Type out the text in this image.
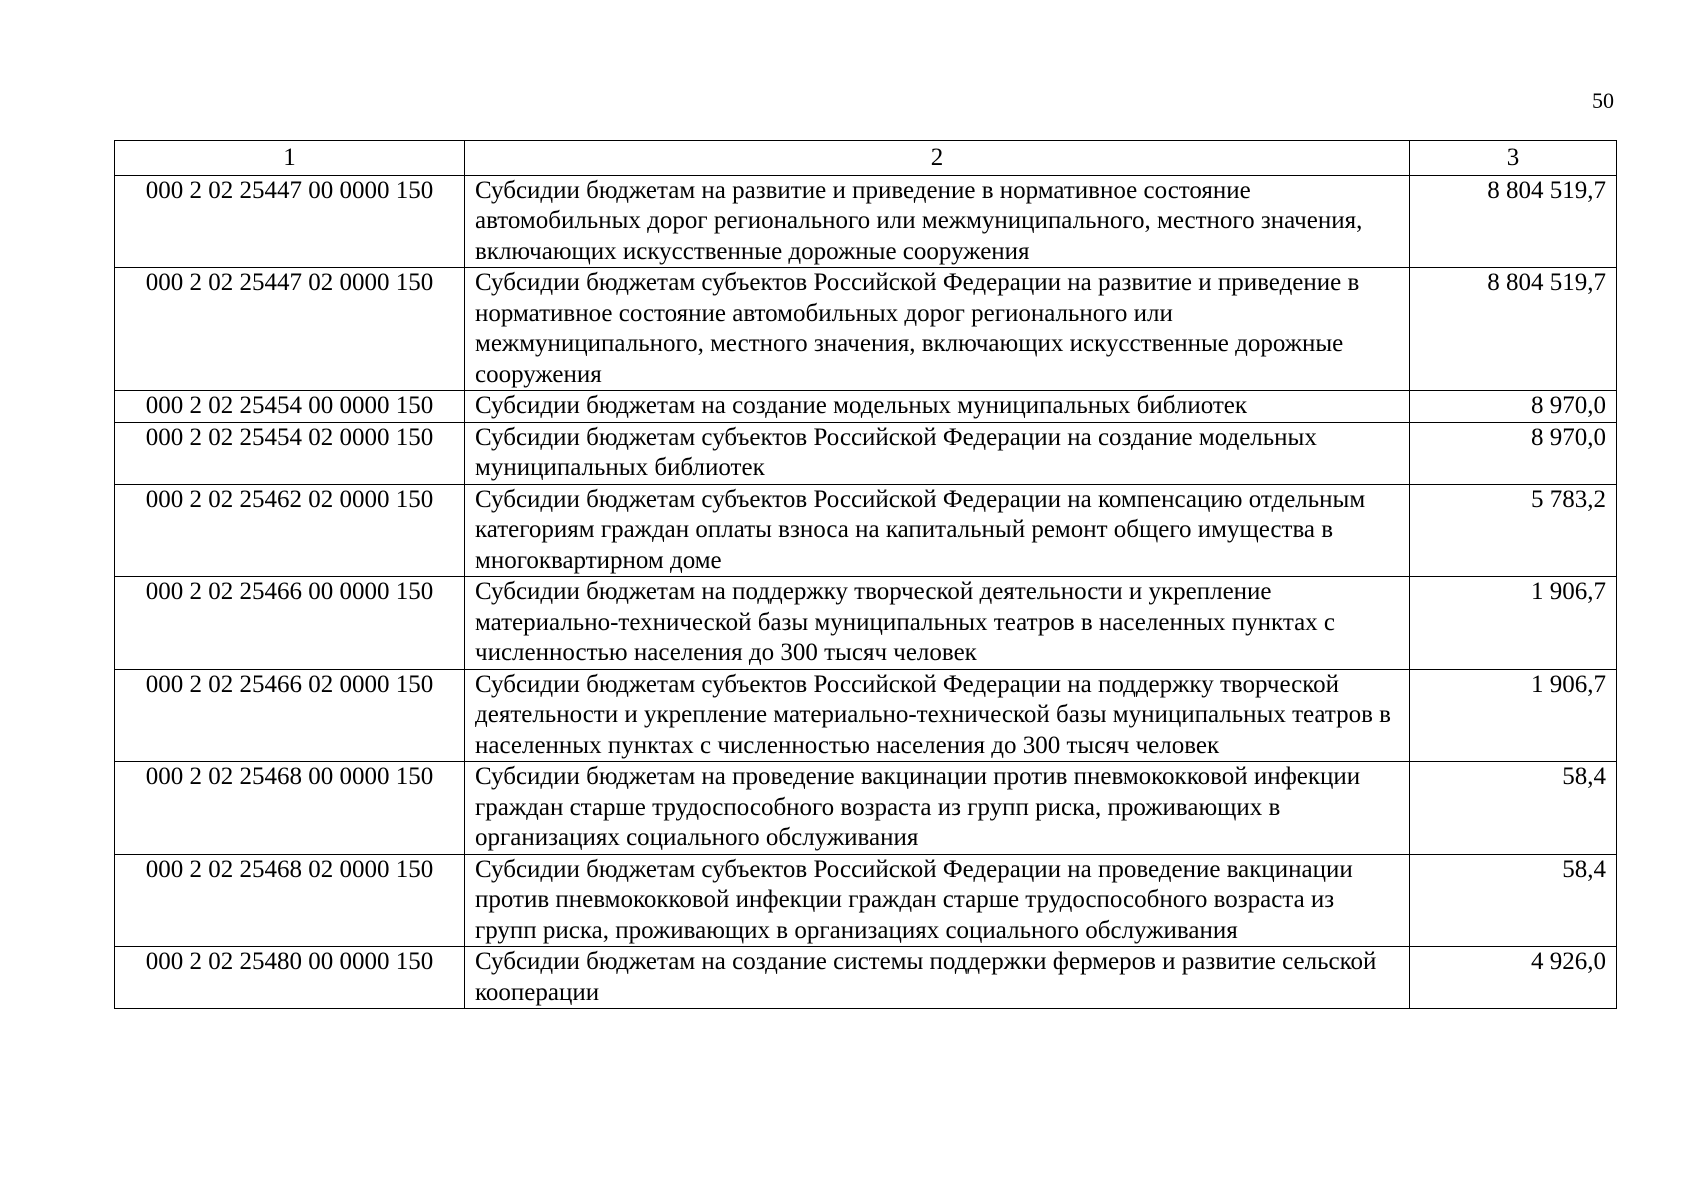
50
1	2	3
000 2 02 25447 00 0000 150	Субсидии бюджетам на развитие и приведение в нормативное состояние автомобильных дорог регионального или межмуниципального, местного значения, включающих искусственные дорожные сооружения	8 804 519,7
000 2 02 25447 02 0000 150	Субсидии бюджетам субъектов Российской Федерации на развитие и приведение в нормативное состояние автомобильных дорог регионального или межмуниципального, местного значения, включающих искусственные дорожные сооружения	8 804 519,7
000 2 02 25454 00 0000 150	Субсидии бюджетам на создание модельных муниципальных библиотек	8 970,0
000 2 02 25454 02 0000 150	Субсидии бюджетам субъектов Российской Федерации на создание модельных муниципальных библиотек	8 970,0
000 2 02 25462 02 0000 150	Субсидии бюджетам субъектов Российской Федерации на компенсацию отдельным категориям граждан оплаты взноса на капитальный ремонт общего имущества в многоквартирном доме	5 783,2
000 2 02 25466 00 0000 150	Субсидии бюджетам на поддержку творческой деятельности и укрепление материально-технической базы муниципальных театров в населенных пунктах с численностью населения до 300 тысяч человек	1 906,7
000 2 02 25466 02 0000 150	Субсидии бюджетам субъектов Российской Федерации на поддержку творческой деятельности и укрепление материально-технической базы муниципальных театров в населенных пунктах с численностью населения до 300 тысяч человек	1 906,7
000 2 02 25468 00 0000 150	Субсидии бюджетам на проведение вакцинации против пневмококковой инфекции граждан старше трудоспособного возраста из групп риска, проживающих в организациях социального обслуживания	58,4
000 2 02 25468 02 0000 150	Субсидии бюджетам субъектов Российской Федерации на проведение вакцинации против пневмококковой инфекции граждан старше трудоспособного возраста из групп риска, проживающих в организациях социального обслуживания	58,4
000 2 02 25480 00 0000 150	Субсидии бюджетам на создание системы поддержки фермеров и развитие сельской кооперации	4 926,0
